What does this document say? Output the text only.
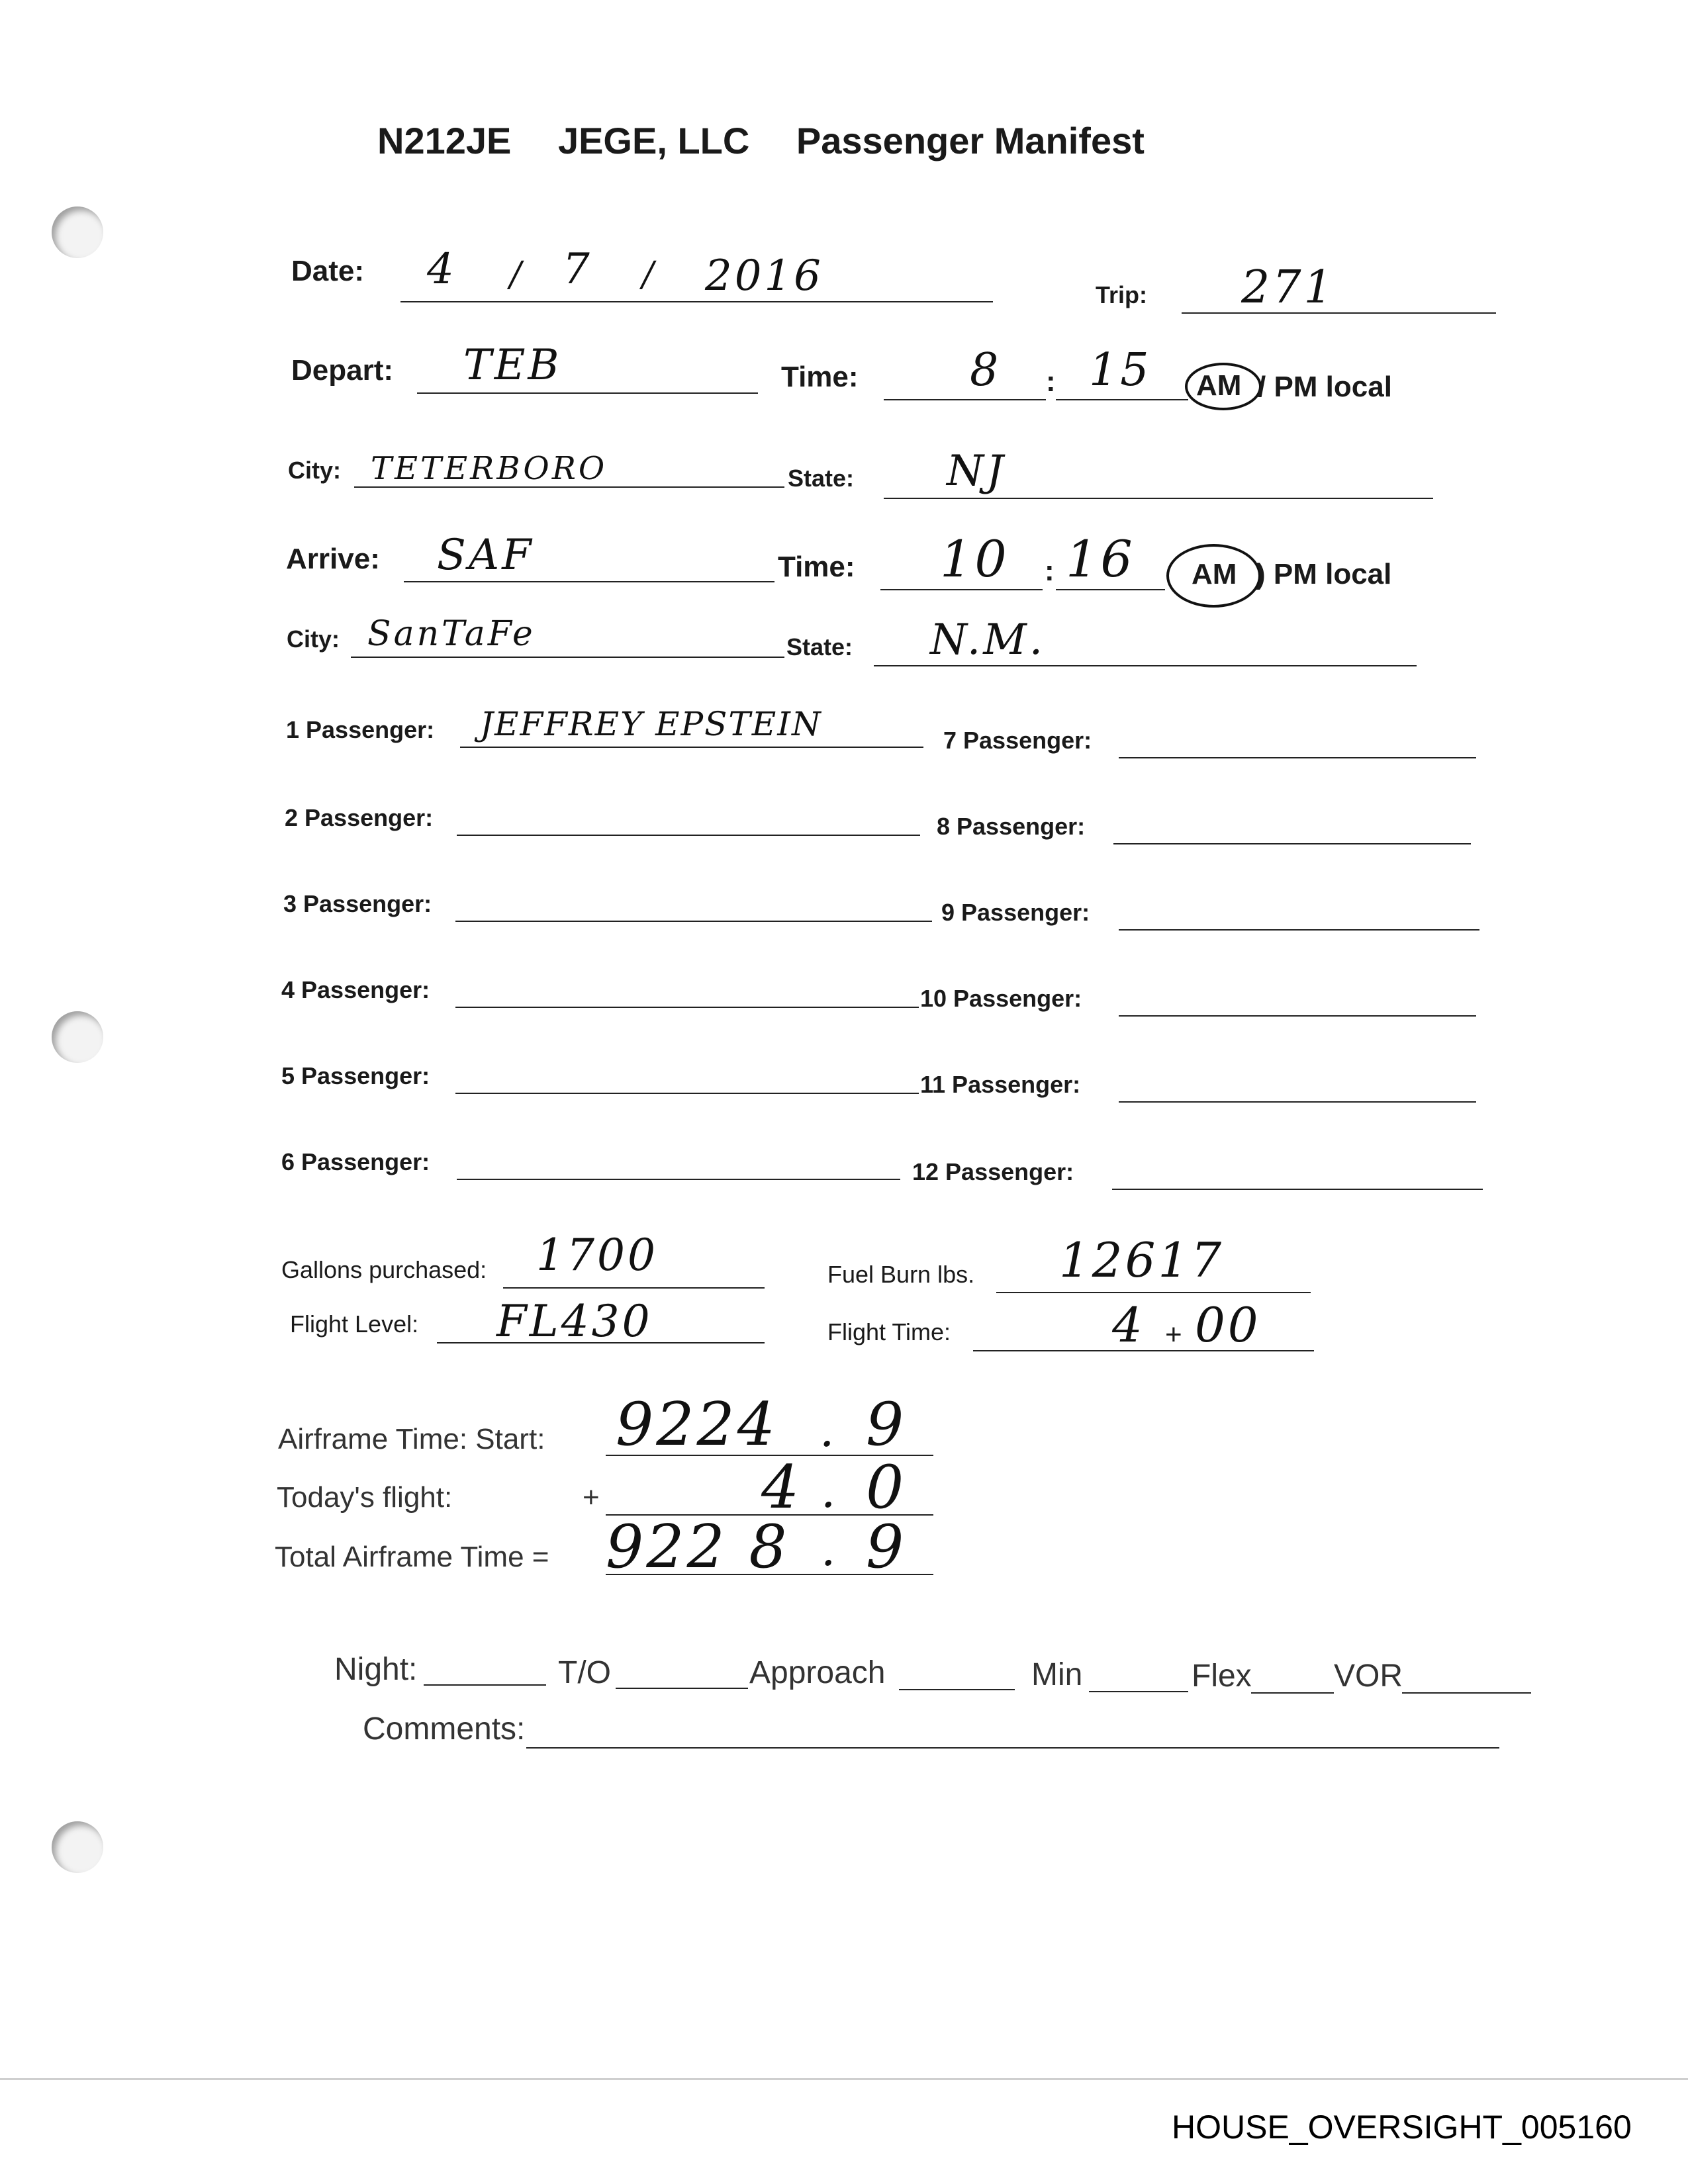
N212JE JEGE, LLC Passenger Manifest
Date: 4 / 7 / 2016	Trip: 271
Depart: TEB	Time: 8 : 15 AM / PM local
City: TETERBORO	State: NJ
Arrive: SAF	Time: 10 : 16 AM ) PM local
City: SanTaFe	State: N.M.
1 Passenger: JEFFREY EPSTEIN
2 Passenger:
3 Passenger:
4 Passenger:
5 Passenger:
6 Passenger:
7 Passenger:
8 Passenger:
9 Passenger:
10 Passenger:
11 Passenger:
12 Passenger:
Gallons purchased: 1700	Fuel Burn lbs. 12617
Flight Level: FL430	Flight Time:	4 + 00
Airframe Time: Start: 9224 . 9
Today's flight:	+	4 . 0
Total Airframe Time = 922 8 . 9
Night:	T/O	Approach	Min	Flex	VOR
Comments:
HOUSE_OVERSIGHT_005160
